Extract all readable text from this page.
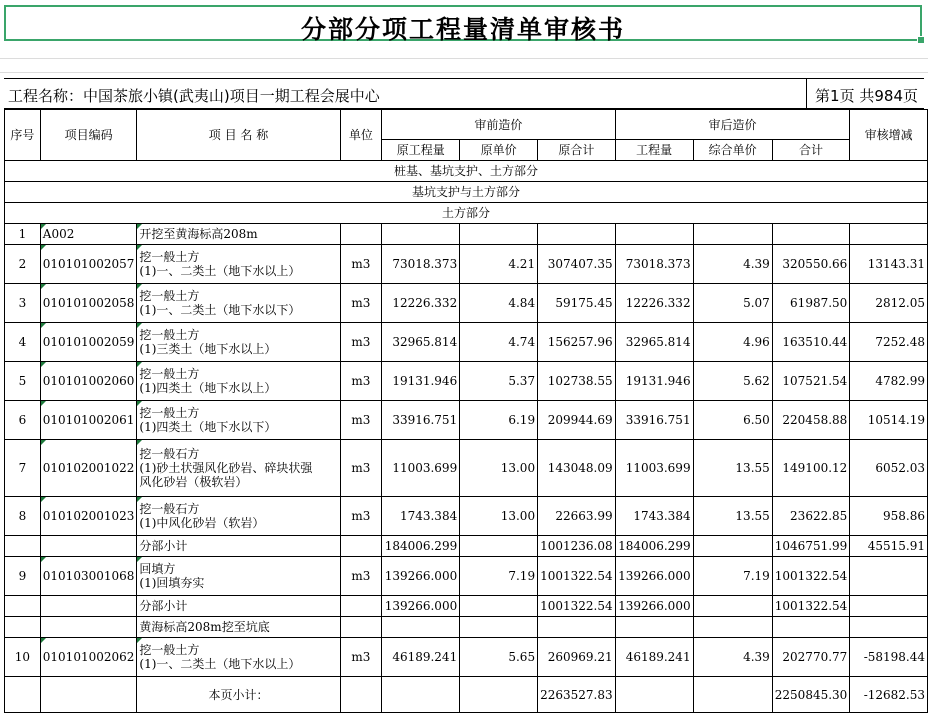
分部分项工程量清单审核书
工程名称：中国茶旅小镇(武夷山)项目一期工程会展中心	第1页 共984页
序号	项目编码	项 目 名 称	单位	审前造价			审后造价			审核增减
				原工程量	原单价	原合计	工程量	综合单价	合计	
桩基、基坑支护、土方部分										
基坑支护与土方部分										
土方部分										
1	A002	开挖至黄海标高208m								
2	010101002057	挖一般土方
(1)一、二类土（地下水以上）	m3	73018.373	4.21	307407.35	73018.373	4.39	320550.66	13143.31
3	010101002058	挖一般土方
(1)一、二类土（地下水以下）	m3	12226.332	4.84	59175.45	12226.332	5.07	61987.50	2812.05
4	010101002059	挖一般土方
(1)三类土（地下水以上）	m3	32965.814	4.74	156257.96	32965.814	4.96	163510.44	7252.48
5	010101002060	挖一般土方
(1)四类土（地下水以上）	m3	19131.946	5.37	102738.55	19131.946	5.62	107521.54	4782.99
6	010101002061	挖一般土方
(1)四类土（地下水以下）	m3	33916.751	6.19	209944.69	33916.751	6.50	220458.88	10514.19
7	010102001022	挖一般石方
(1)砂土状强风化砂岩、碎块状强
风化砂岩（极软岩）	m3	11003.699	13.00	143048.09	11003.699	13.55	149100.12	6052.03
8	010102001023	挖一般石方
(1)中风化砂岩（软岩）	m3	1743.384	13.00	22663.99	1743.384	13.55	23622.85	958.86
		分部小计		184006.299		1001236.08	184006.299		1046751.99	45515.91
9	010103001068	回填方
(1)回填夯实	m3	139266.000	7.19	1001322.54	139266.000	7.19	1001322.54	
		分部小计		139266.000		1001322.54	139266.000		1001322.54	
		黄海标高208m挖至坑底								
10	010101002062	挖一般土方
(1)一、二类土（地下水以上）	m3	46189.241	5.65	260969.21	46189.241	4.39	202770.77	-58198.44
		本页小计：				2263527.83			2250845.30	-12682.53
